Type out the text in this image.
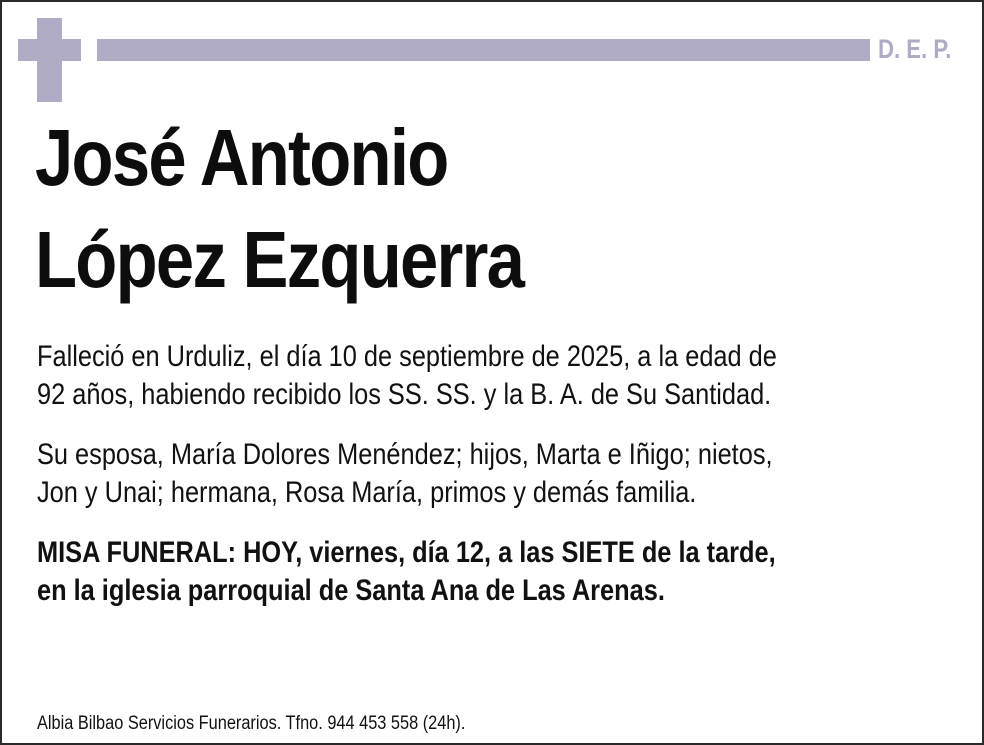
D. E. P.
José Antonio
López Ezquerra
Falleció en Urduliz, el día 10 de septiembre de 2025, a la edad de
92 años, habiendo recibido los SS. SS. y la B. A. de Su Santidad.
Su esposa, María Dolores Menéndez; hijos, Marta e Iñigo; nietos,
Jon y Unai; hermana, Rosa María, primos y demás familia.
MISA FUNERAL: HOY, viernes, día 12, a las SIETE de la tarde,
en la iglesia parroquial de Santa Ana de Las Arenas.
Albia Bilbao Servicios Funerarios. Tfno. 944 453 558 (24h).
